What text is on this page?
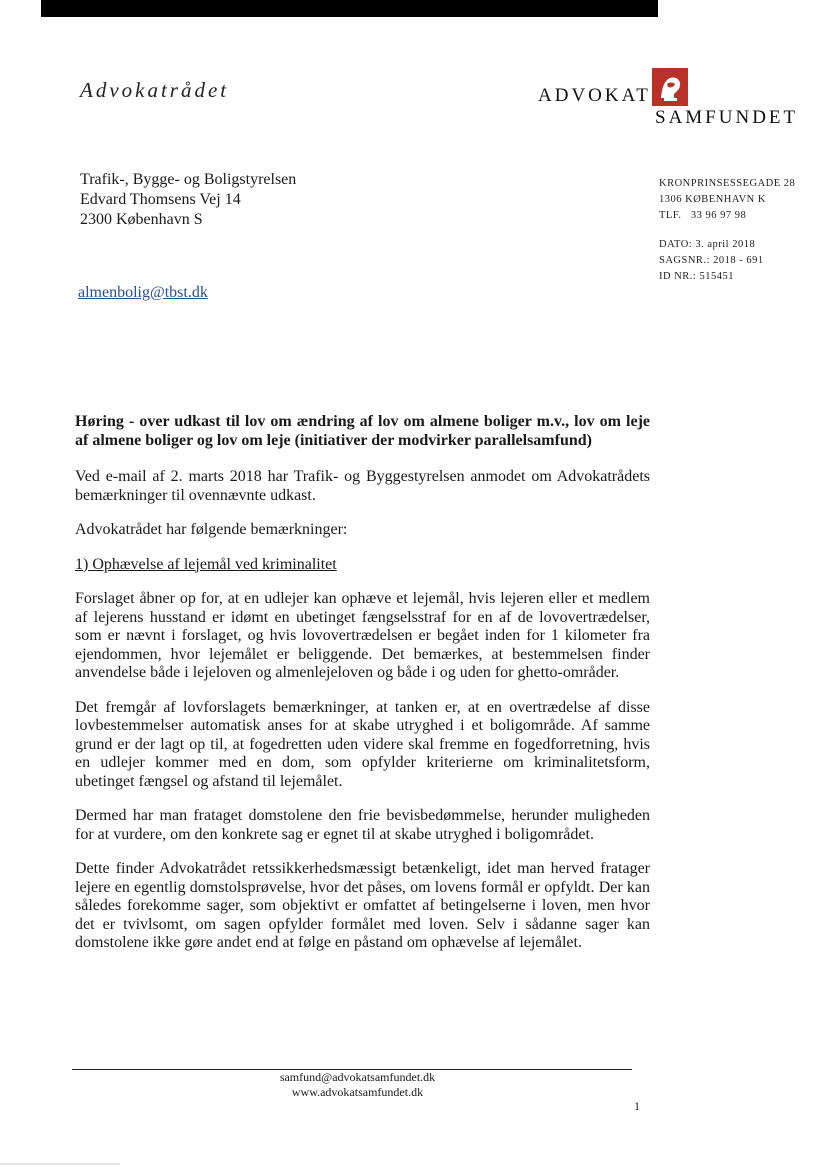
Advokatrådet	ADVOKAT
SAMFUNDET
Trafik-, Bygge- og Boligstyrelsen
Edvard Thomsens Vej 14
2300 København S
KRONPRINSESSEGADE 28
1306 KØBENHAVN K
TLF.   33 96 97 98
DATO: 3. april 2018
SAGSNR.: 2018 - 691
ID NR.: 515451
almenbolig@tbst.dk
Høring - over udkast til lov om ændring af lov om almene boliger m.v., lov om leje af almene boliger og lov om leje (initiativer der modvirker parallelsamfund)

Ved e-mail af 2. marts 2018 har Trafik- og Byggestyrelsen anmodet om Advokatrådets bemærkninger til ovennævnte udkast.

Advokatrådet har følgende bemærkninger:

1) Ophævelse af lejemål ved kriminalitet

Forslaget åbner op for, at en udlejer kan ophæve et lejemål, hvis lejeren eller et medlem af lejerens husstand er idømt en ubetinget fængselsstraf for en af de lovovertrædelser, som er nævnt i forslaget, og hvis lovovertrædelsen er begået inden for 1 kilometer fra ejendommen, hvor lejemålet er beliggende. Det bemærkes, at bestemmelsen finder anvendelse både i lejeloven og almenlejeloven og både i og uden for ghetto-områder.

Det fremgår af lovforslagets bemærkninger, at tanken er, at en overtrædelse af disse lovbestemmelser automatisk anses for at skabe utryghed i et boligområde. Af samme grund er der lagt op til, at fogedretten uden videre skal fremme en fogedforretning, hvis en udlejer kommer med en dom, som opfylder kriterierne om kriminalitetsform, ubetinget fængsel og afstand til lejemålet.

Dermed har man frataget domstolene den frie bevisbedømmelse, herunder muligheden for at vurdere, om den konkrete sag er egnet til at skabe utryghed i boligområdet.

Dette finder Advokatrådet retssikkerhedsmæssigt betænkeligt, idet man herved fratager lejere en egentlig domstolsprøvelse, hvor det påses, om lovens formål er opfyldt. Der kan således forekomme sager, som objektivt er omfattet af betingelserne i loven, men hvor det er tvivlsomt, om sagen opfylder formålet med loven. Selv i sådanne sager kan domstolene ikke gøre andet end at følge en påstand om ophævelse af lejemålet.

samfund@advokatsamfundet.dk
www.advokatsamfundet.dk
1
